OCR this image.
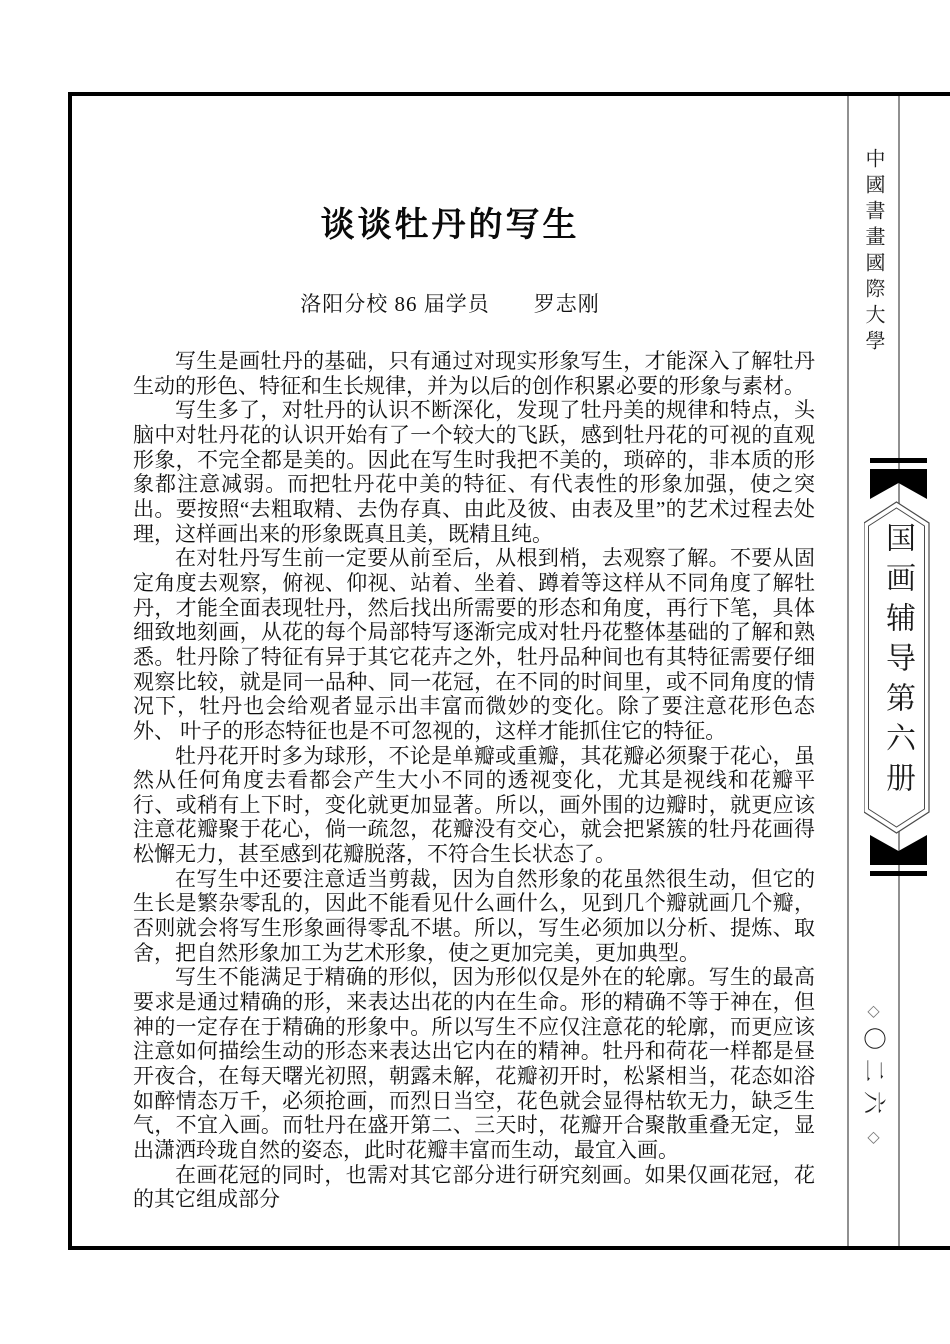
谈谈牡丹的写生
洛阳分校 86 届学员　　罗志刚

写生是画牡丹的基础，只有通过对现实形象写生，才能深入了解牡丹生动的形色、特征和生长规律，并为以后的创作积累必要的形象与素材。

写生多了，对牡丹的认识不断深化，发现了牡丹美的规律和特点，头脑中对牡丹花的认识开始有了一个较大的飞跃，感到牡丹花的可视的直观形象，不完全都是美的。因此在写生时我把不美的，琐碎的，非本质的形象都注意减弱。而把牡丹花中美的特征、有代表性的形象加强，使之突出。要按照“去粗取精、去伪存真、由此及彼、由表及里”的艺术过程去处理，这样画出来的形象既真且美，既精且纯。

在对牡丹写生前一定要从前至后，从根到梢，去观察了解。不要从固定角度去观察，俯视、仰视、站着、坐着、蹲着等这样从不同角度了解牡丹，才能全面表现牡丹，然后找出所需要的形态和角度，再行下笔，具体细致地刻画，从花的每个局部特写逐渐完成对牡丹花整体基础的了解和熟悉。牡丹除了特征有异于其它花卉之外，牡丹品种间也有其特征需要仔细观察比较，就是同一品种、同一花冠，在不同的时间里，或不同角度的情况下，牡丹也会给观者显示出丰富而微妙的变化。除了要注意花形色态外、 叶子的形态特征也是不可忽视的，这样才能抓住它的特征。

牡丹花开时多为球形，不论是单瓣或重瓣，其花瓣必须聚于花心，虽然从任何角度去看都会产生大小不同的透视变化，尤其是视线和花瓣平行、或稍有上下时，变化就更加显著。所以，画外围的边瓣时，就更应该注意花瓣聚于花心，倘一疏忽，花瓣没有交心，就会把紧簇的牡丹花画得松懈无力，甚至感到花瓣脱落，不符合生长状态了。

在写生中还要注意适当剪裁，因为自然形象的花虽然很生动，但它的生长是繁杂零乱的，因此不能看见什么画什么，见到几个瓣就画几个瓣，否则就会将写生形象画得零乱不堪。所以，写生必须加以分析、提炼、取舍，把自然形象加工为艺术形象，使之更加完美，更加典型。

写生不能满足于精确的形似，因为形似仅是外在的轮廓。写生的最高要求是通过精确的形，来表达出花的内在生命。形的精确不等于神在，但神的一定存在于精确的形象中。所以写生不应仅注意花的轮廓，而更应该注意如何描绘生动的形态来表达出它内在的精神。牡丹和荷花一样都是昼开夜合，在每天曙光初照，朝露未解，花瓣初开时，松紧相当，花态如浴如醉情态万千，必须抢画，而烈日当空，花色就会显得枯软无力，缺乏生气，不宜入画。而牡丹在盛开第二、三天时，花瓣开合聚散重叠无定，显出潇洒玲珑自然的姿态，此时花瓣丰富而生动，最宜入画。

在画花冠的同时，也需对其它部分进行研究刻画。如果仅画花冠，花的其它组成部分

中國書畫國際大學
国画辅导第六册
◇
〇二六
◇
